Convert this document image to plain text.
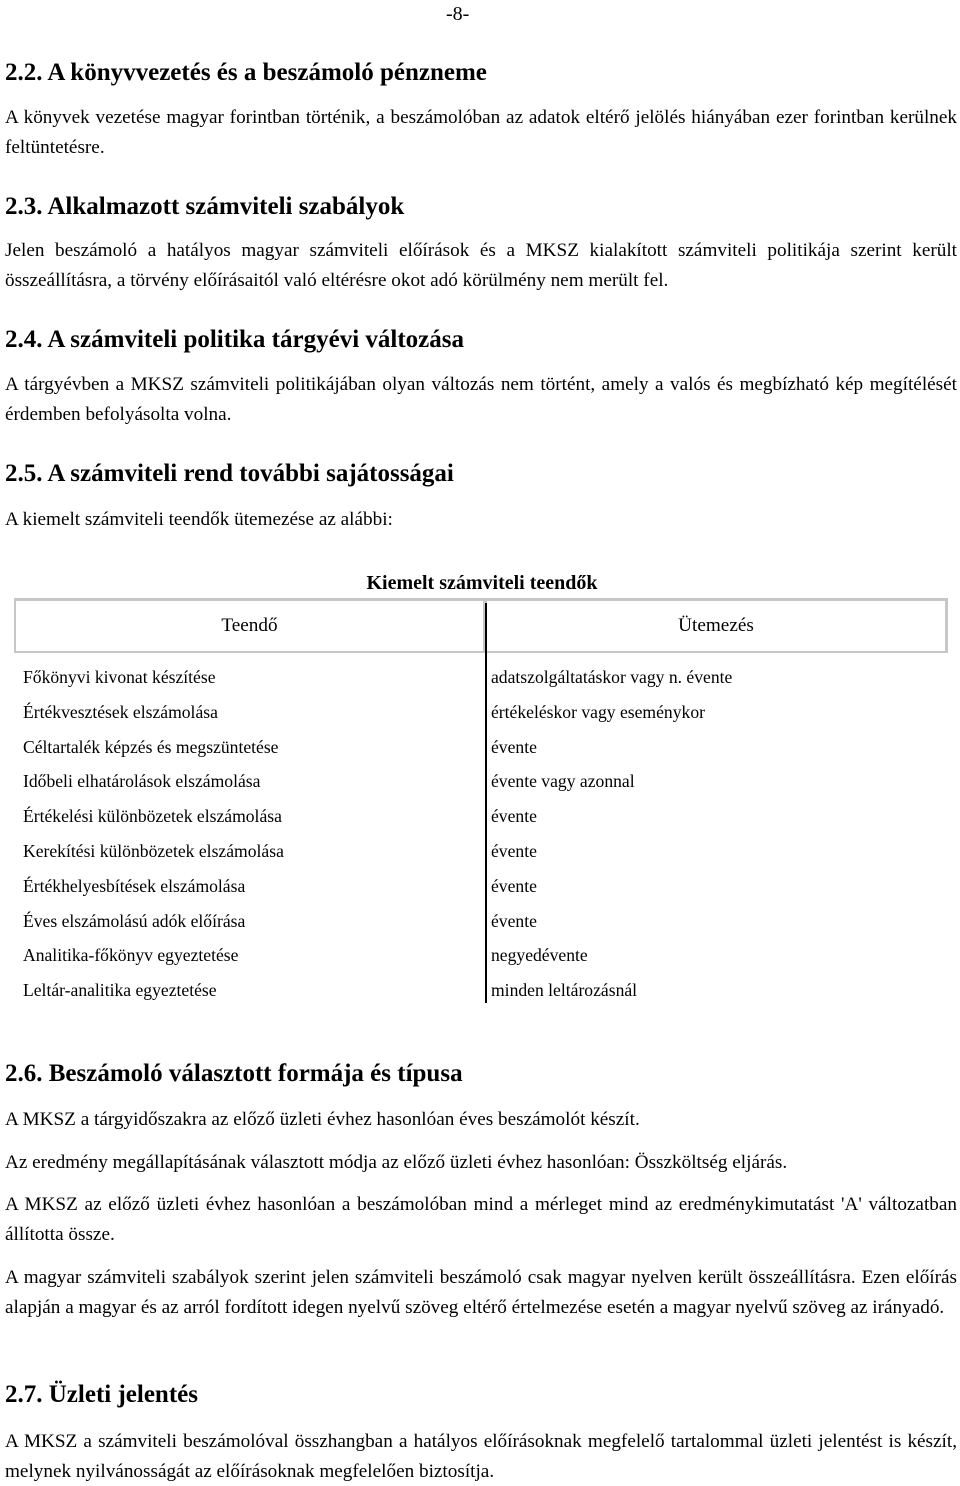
-8-
2.2. A könyvvezetés és a beszámoló pénzneme

A könyvek vezetése magyar forintban történik, a beszámolóban az adatok eltérő jelölés hiányában ezer forintban kerülnek feltüntetésre.

2.3. Alkalmazott számviteli szabályok

Jelen beszámoló a hatályos magyar számviteli előírások és a MKSZ kialakított számviteli politikája szerint került összeállításra, a törvény előírásaitól való eltérésre okot adó körülmény nem merült fel.

2.4. A számviteli politika tárgyévi változása

A tárgyévben a MKSZ számviteli politikájában olyan változás nem történt, amely a valós és megbízható kép megítélését érdemben befolyásolta volna.

2.5. A számviteli rend további sajátosságai

A kiemelt számviteli teendők ütemezése az alábbi:

Kiemelt számviteli teendők
Teendő	Ütemezés
Főkönyvi kivonat készítése	adatszolgáltatáskor vagy n. évente
Értékvesztések elszámolása	értékeléskor vagy eseménykor
Céltartalék képzés és megszüntetése	évente
Időbeli elhatárolások elszámolása	évente vagy azonnal
Értékelési különbözetek elszámolása	évente
Kerekítési különbözetek elszámolása	évente
Értékhelyesbítések elszámolása	évente
Éves elszámolású adók előírása	évente
Analitika-főkönyv egyeztetése	negyedévente
Leltár-analitika egyeztetése	minden leltározásnál
2.6. Beszámoló választott formája és típusa

A MKSZ a tárgyidőszakra az előző üzleti évhez hasonlóan éves beszámolót készít.

Az eredmény megállapításának választott módja az előző üzleti évhez hasonlóan: Összköltség eljárás.

A MKSZ az előző üzleti évhez hasonlóan a beszámolóban mind a mérleget mind az eredménykimutatást 'A' változatban állította össze.

A magyar számviteli szabályok szerint jelen számviteli beszámoló csak magyar nyelven került összeállításra. Ezen előírás alapján a magyar és az arról fordított idegen nyelvű szöveg eltérő értelmezése esetén a magyar nyelvű szöveg az irányadó.

2.7. Üzleti jelentés

A MKSZ a számviteli beszámolóval összhangban a hatályos előírásoknak megfelelő tartalommal üzleti jelentést is készít, melynek nyilvánosságát az előírásoknak megfelelően biztosítja.
